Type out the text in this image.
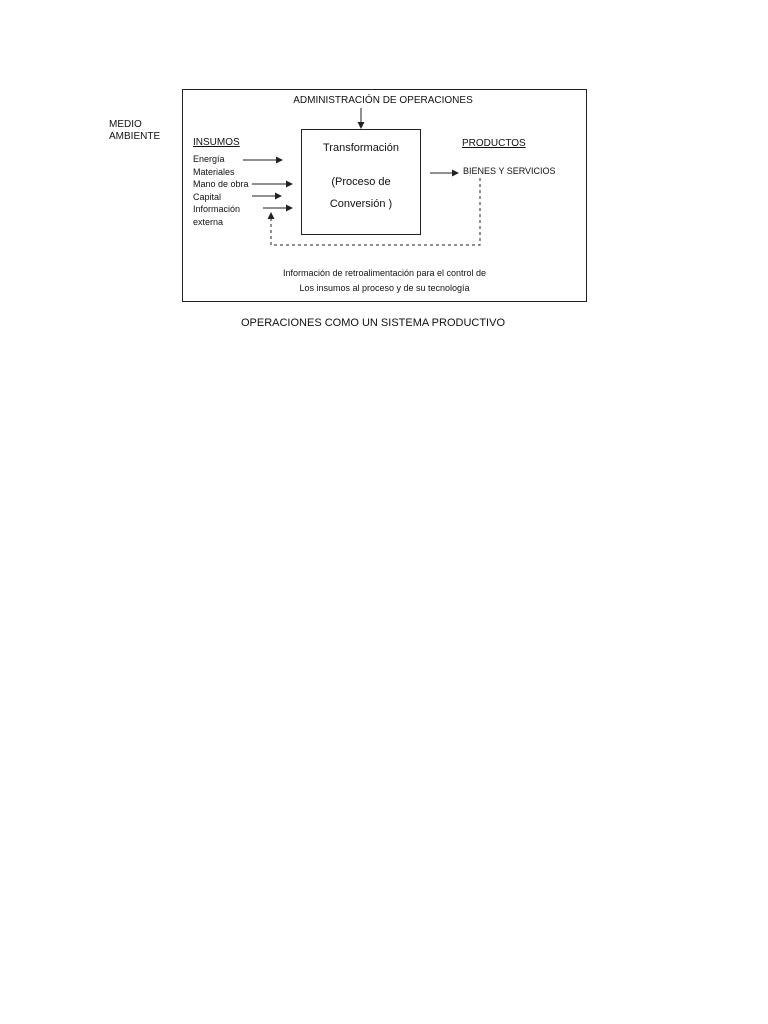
MEDIO AMBIENTE
ADMINISTRACIÓN DE OPERACIONES
Transformación
(Proceso de
Conversión )
INSUMOS
Energía
Materiales
Mano de obra
Capital
Información
externa
PRODUCTOS
BIENES Y SERVICIOS
Información de retroalimentación para el control de
Los insumos al proceso y de su tecnología
OPERACIONES COMO UN SISTEMA PRODUCTIVO
